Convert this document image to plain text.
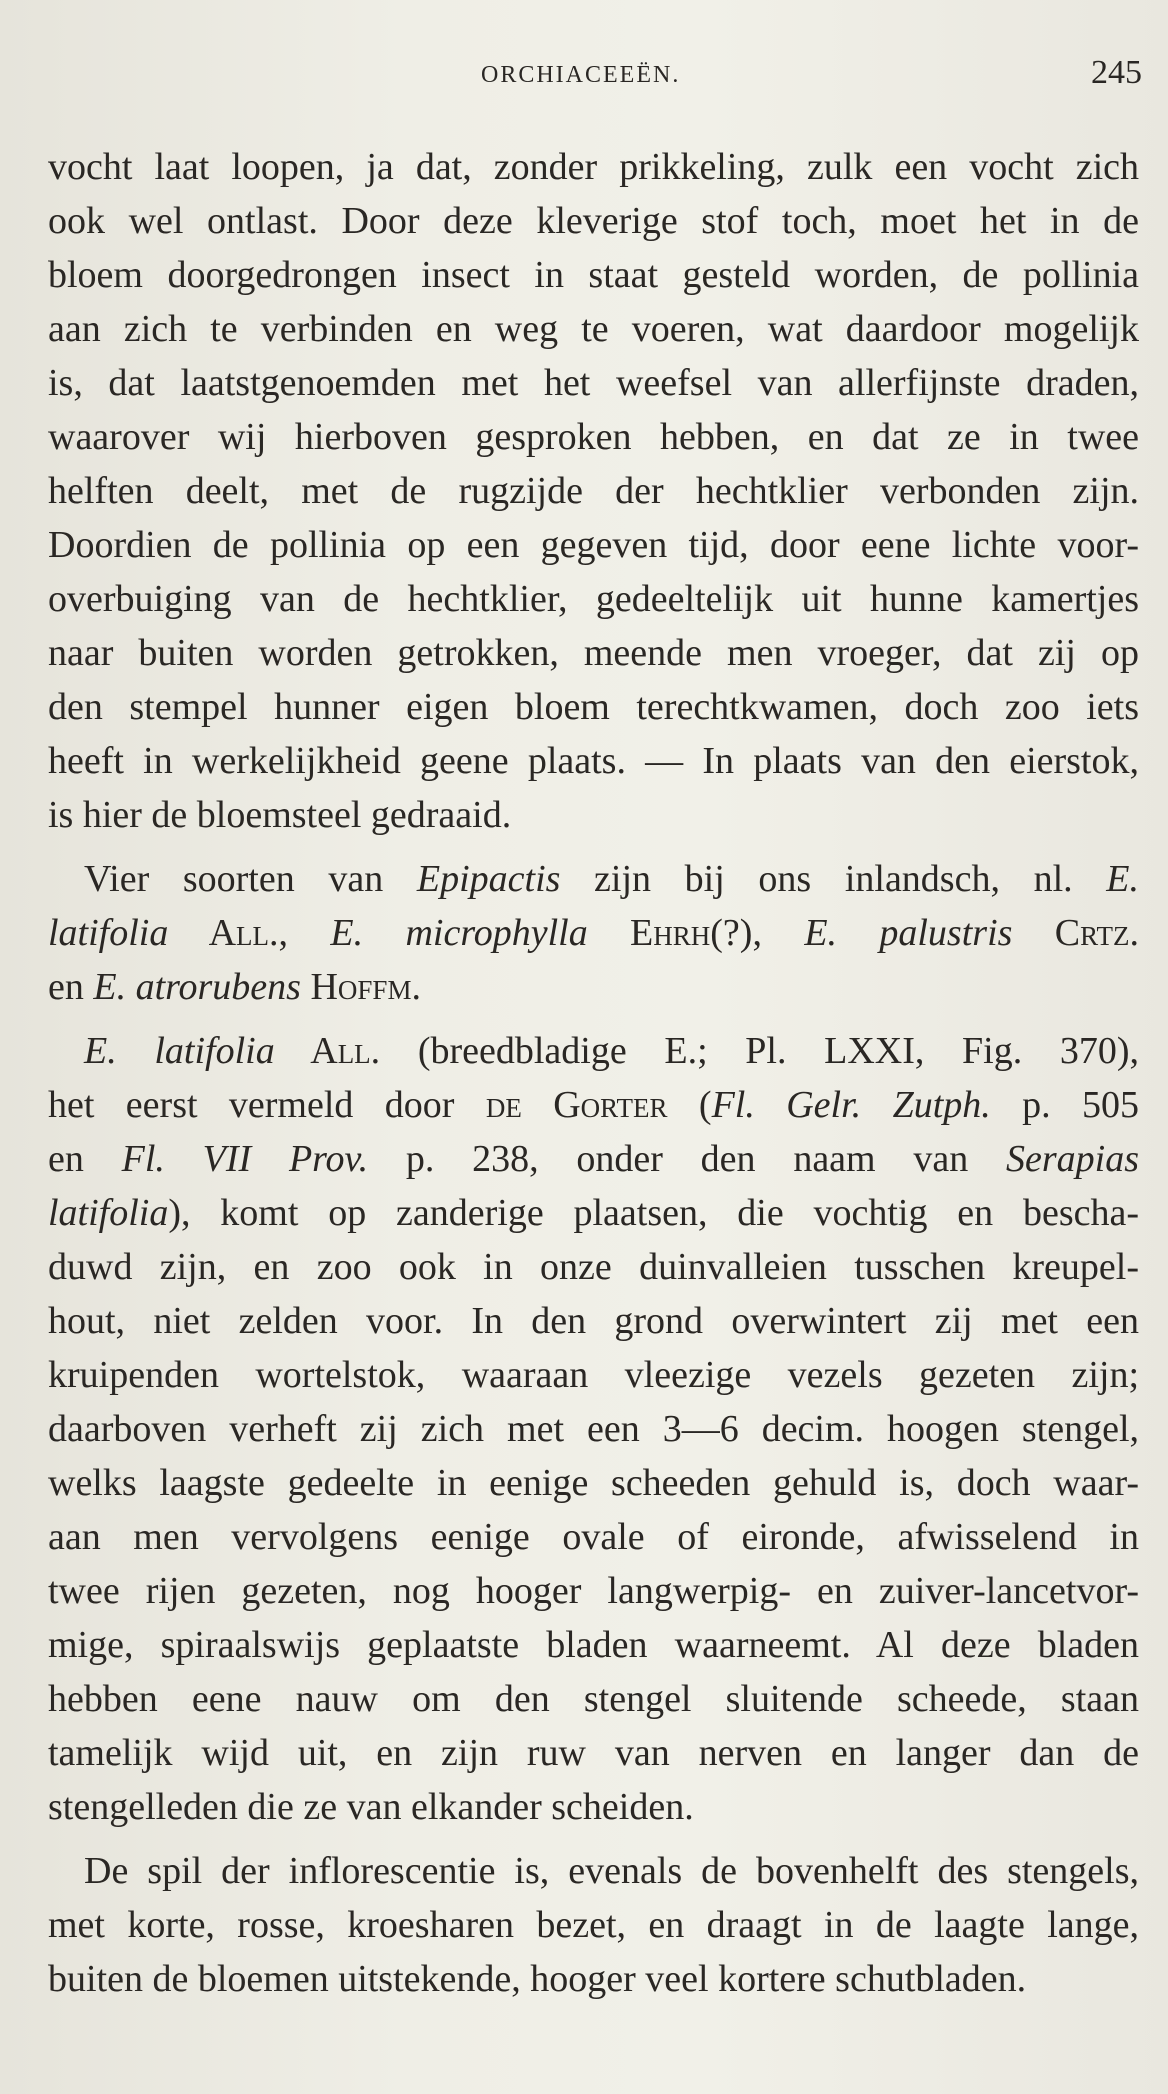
ORCHIACEEËN.	245
vocht laat loopen, ja dat, zonder prikkeling, zulk een vocht zich
ook wel ontlast. Door deze kleverige stof toch, moet het in de
bloem doorgedrongen insect in staat gesteld worden, de pollinia
aan zich te verbinden en weg te voeren, wat daardoor mogelijk
is, dat laatstgenoemden met het weefsel van allerfijnste draden,
waarover wij hierboven gesproken hebben, en dat ze in twee
helften deelt, met de rugzijde der hechtklier verbonden zijn.
Doordien de pollinia op een gegeven tijd, door eene lichte voor-
overbuiging van de hechtklier, gedeeltelijk uit hunne kamertjes
naar buiten worden getrokken, meende men vroeger, dat zij op
den stempel hunner eigen bloem terechtkwamen, doch zoo iets
heeft in werkelijkheid geene plaats. — In plaats van den eierstok,
is hier de bloemsteel gedraaid.
Vier soorten van Epipactis zijn bij ons inlandsch, nl. E.
latifolia All., E. microphylla Ehrh(?), E. palustris Crtz.
en E. atrorubens Hoffm.
E. latifolia All. (breedbladige E.; Pl. LXXI, Fig. 370),
het eerst vermeld door de Gorter (Fl. Gelr. Zutph. p. 505
en Fl. VII Prov. p. 238, onder den naam van Serapias
latifolia), komt op zanderige plaatsen, die vochtig en bescha-
duwd zijn, en zoo ook in onze duinvalleien tusschen kreupel-
hout, niet zelden voor. In den grond overwintert zij met een
kruipenden wortelstok, waaraan vleezige vezels gezeten zijn;
daarboven verheft zij zich met een 3—6 decim. hoogen stengel,
welks laagste gedeelte in eenige scheeden gehuld is, doch waar-
aan men vervolgens eenige ovale of eironde, afwisselend in
twee rijen gezeten, nog hooger langwerpig- en zuiver-lancetvor-
mige, spiraalswijs geplaatste bladen waarneemt. Al deze bladen
hebben eene nauw om den stengel sluitende scheede, staan
tamelijk wijd uit, en zijn ruw van nerven en langer dan de
stengelleden die ze van elkander scheiden.
De spil der inflorescentie is, evenals de bovenhelft des stengels,
met korte, rosse, kroesharen bezet, en draagt in de laagte lange,
buiten de bloemen uitstekende, hooger veel kortere schutbladen.
